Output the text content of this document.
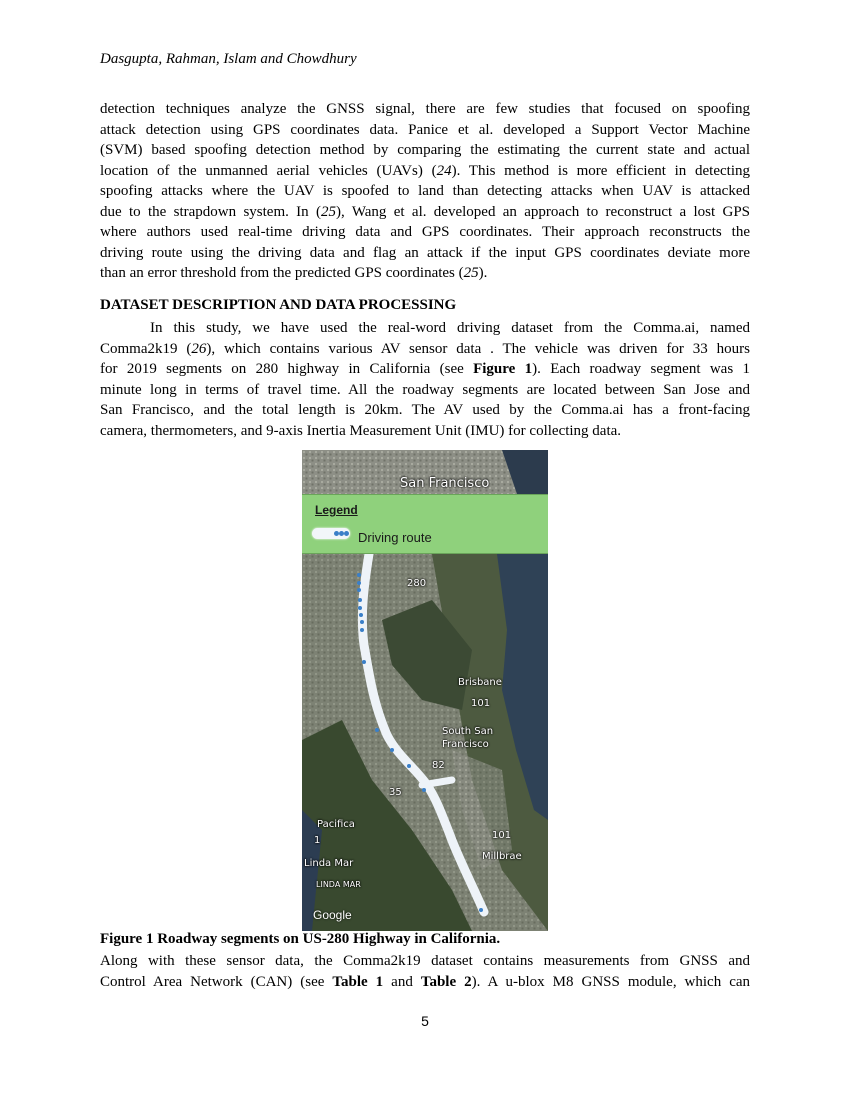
Dasgupta, Rahman, Islam and Chowdhury

detection techniques analyze the GNSS signal, there are few studies that focused on spoofing
attack detection using GPS coordinates data. Panice et al. developed a Support Vector Machine
(SVM) based spoofing detection method by comparing the estimating the current state and actual
location of the unmanned aerial vehicles (UAVs) (24). This method is more efficient in detecting
spoofing attacks where the UAV is spoofed to land than detecting attacks when UAV is attacked
due to the strapdown system. In (25), Wang et al. developed an approach to reconstruct a lost GPS
where authors used real-time driving data and GPS coordinates. Their approach reconstructs the
driving route using the driving data and flag an attack if the input GPS coordinates deviate more
than an error threshold from the predicted GPS coordinates (25).

DATASET DESCRIPTION AND DATA PROCESSING

In this study, we have used the real-word driving dataset from the Comma.ai, named
Comma2k19 (26), which contains various AV sensor data . The vehicle was driven for 33 hours
for 2019 segments on 280 highway in California (see Figure 1). Each roadway segment was 1
minute long in terms of travel time. All the roadway segments are located between San Jose and
San Francisco, and the total length is 20km. The AV used by the Comma.ai has a front-facing
camera, thermometers, and 9-axis Inertia Measurement Unit (IMU) for collecting data.

Legend
Driving route
San Francisco
280
Brisbane
101
South San
Francisco
82
35
Pacifica
1	101
Millbrae
Linda Mar
LINDA MAR
Google
Figure 1 Roadway segments on US-280 Highway in California.

Along with these sensor data, the Comma2k19 dataset contains measurements from GNSS and
Control Area Network (CAN) (see Table 1 and Table 2). A u-blox M8 GNSS module, which can

5
